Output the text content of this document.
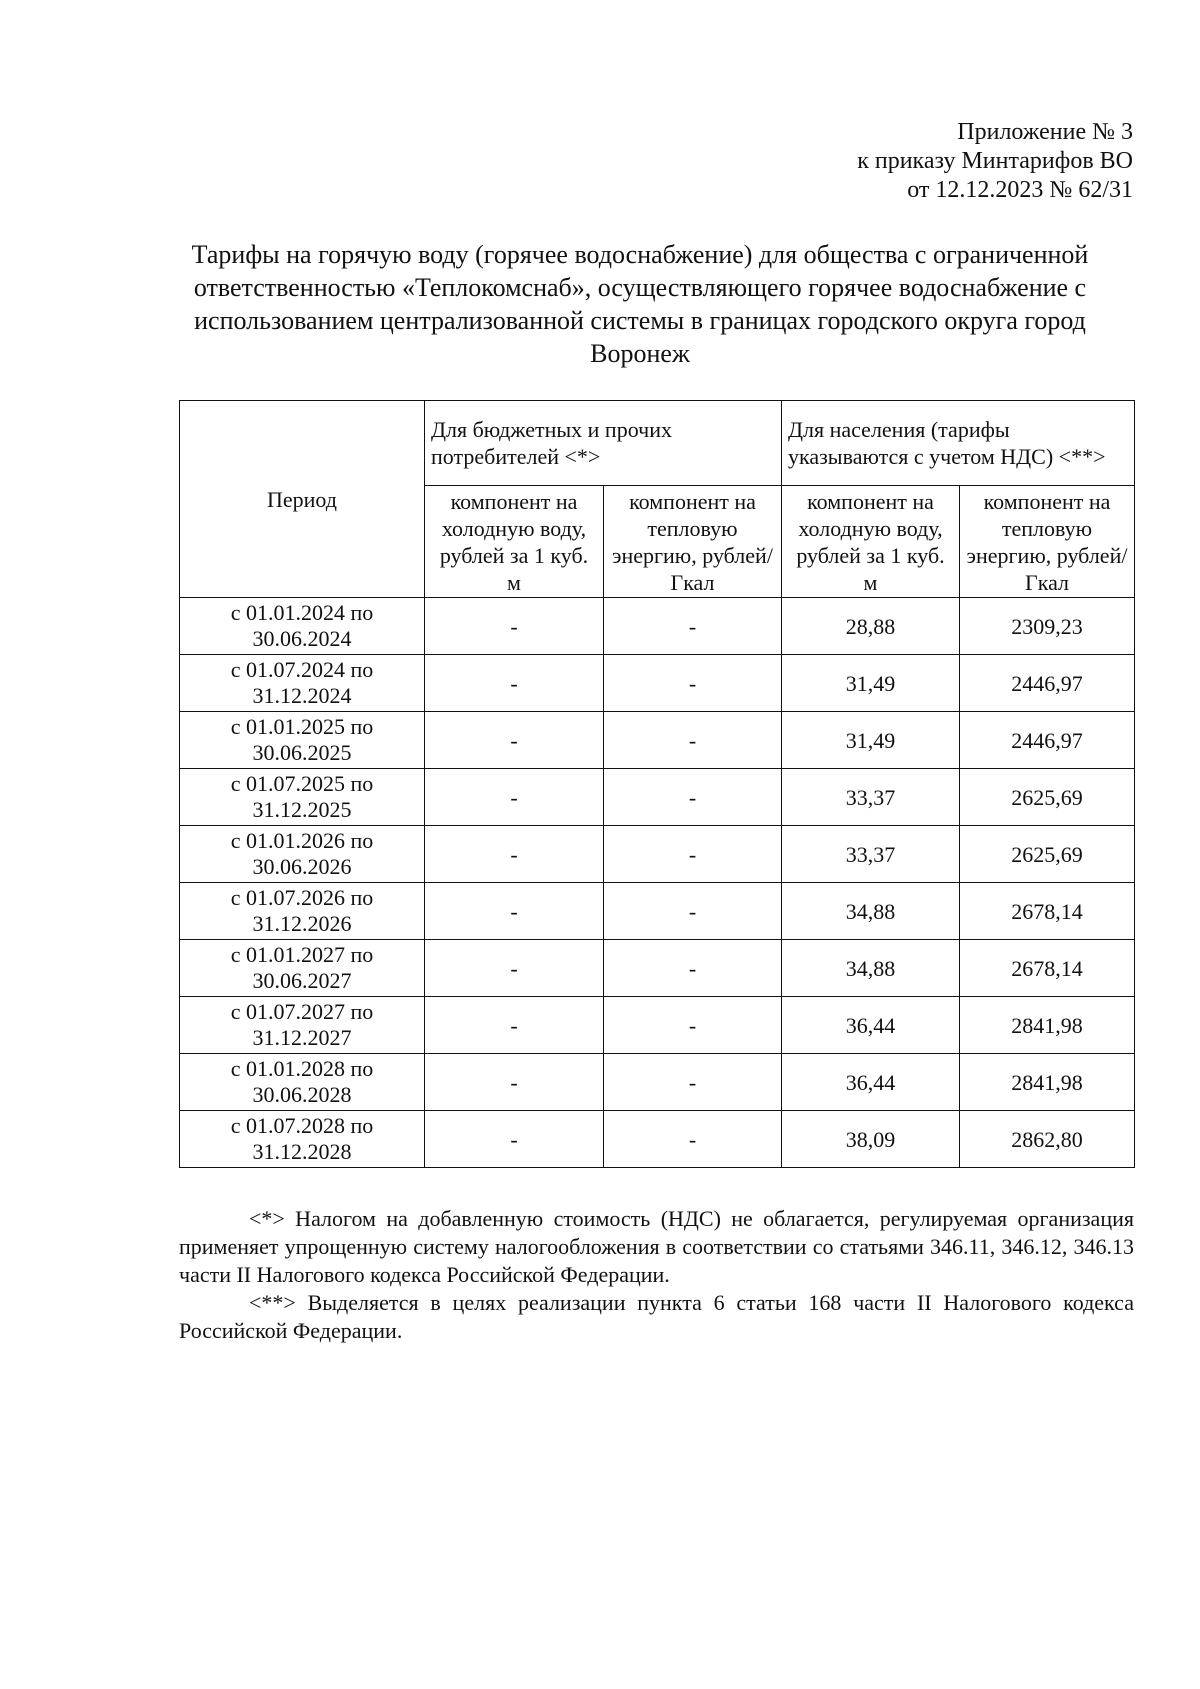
Приложение № 3
к приказу Минтарифов ВО
от 12.12.2023 № 62/31
Тарифы на горячую воду (горячее водоснабжение) для общества с ограниченной ответственностью «Теплокомснаб», осуществляющего горячее водоснабжение с использованием централизованной системы в границах городского округа город Воронеж
Период	Для бюджетных и прочих потребителей <*>		Для населения (тарифы указываются с учетом НДС) <**>	
	компонент на холодную воду, рублей за 1 куб. м	компонент на тепловую энергию, рублей/Гкал	компонент на холодную воду, рублей за 1 куб. м	компонент на тепловую энергию, рублей/Гкал
с 01.01.2024 по 30.06.2024	-	-	28,88	2309,23
с 01.07.2024 по 31.12.2024	-	-	31,49	2446,97
с 01.01.2025 по 30.06.2025	-	-	31,49	2446,97
с 01.07.2025 по 31.12.2025	-	-	33,37	2625,69
с 01.01.2026 по 30.06.2026	-	-	33,37	2625,69
с 01.07.2026 по 31.12.2026	-	-	34,88	2678,14
с 01.01.2027 по 30.06.2027	-	-	34,88	2678,14
с 01.07.2027 по 31.12.2027	-	-	36,44	2841,98
с 01.01.2028 по 30.06.2028	-	-	36,44	2841,98
с 01.07.2028 по 31.12.2028	-	-	38,09	2862,80

<*> Налогом на добавленную стоимость (НДС) не облагается, регулируемая организация применяет упрощенную систему налогообложения в соответствии со статьями 346.11, 346.12, 346.13 части II Налогового кодекса Российской Федерации.

<**> Выделяется в целях реализации пункта 6 статьи 168 части II Налогового кодекса Российской Федерации.
